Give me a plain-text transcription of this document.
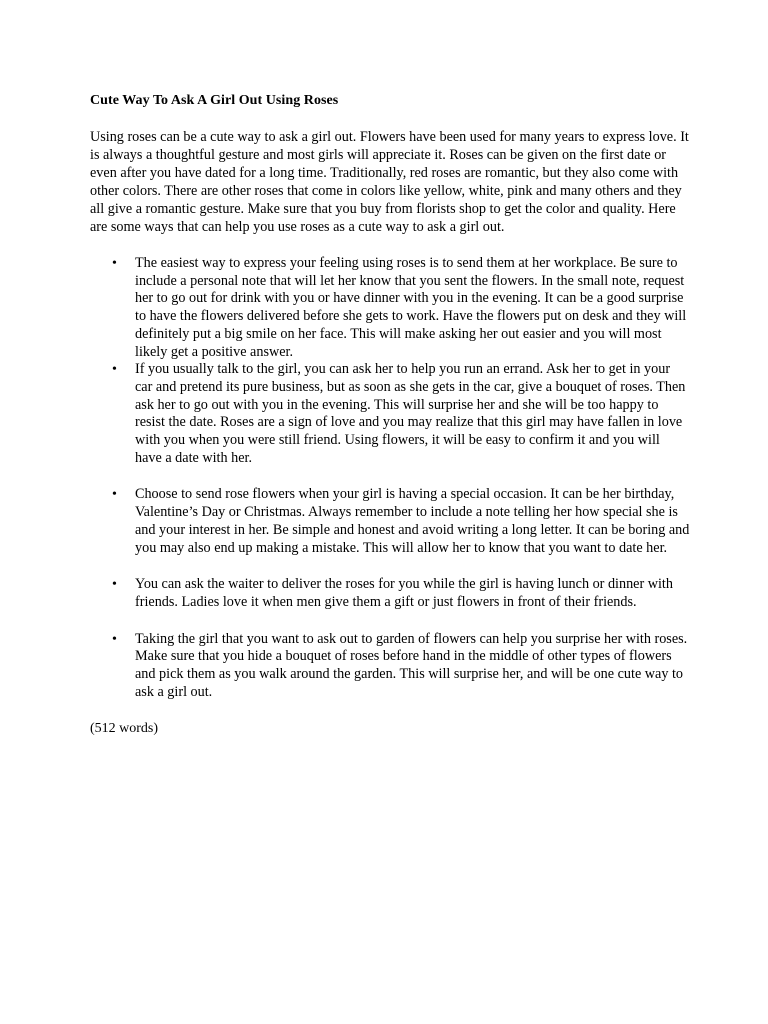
Cute Way To Ask A Girl Out Using Roses

Using roses can be a cute way to ask a girl out. Flowers have been used for many years to express love. It is always a thoughtful gesture and most girls will appreciate it. Roses can be given on the first date or even after you have dated for a long time. Traditionally, red roses are romantic, but they also come with other colors. There are other roses that come in colors like yellow, white, pink and many others and they all give a romantic gesture. Make sure that you buy from florists shop to get the color and quality. Here are some ways that can help you use roses as a cute way to ask a girl out.

• The easiest way to express your feeling using roses is to send them at her workplace. Be sure to include a personal note that will let her know that you sent the flowers. In the small note, request her to go out for drink with you or have dinner with you in the evening. It can be a good surprise to have the flowers delivered before she gets to work. Have the flowers put on desk and they will definitely put a big smile on her face. This will make asking her out easier and you will most likely get a positive answer.
• If you usually talk to the girl, you can ask her to help you run an errand. Ask her to get in your car and pretend its pure business, but as soon as she gets in the car, give a bouquet of roses. Then ask her to go out with you in the evening. This will surprise her and she will be too happy to resist the date. Roses are a sign of love and you may realize that this girl may have fallen in love with you when you were still friend. Using flowers, it will be easy to confirm it and you will have a date with her.
• Choose to send rose flowers when your girl is having a special occasion. It can be her birthday, Valentine’s Day or Christmas. Always remember to include a note telling her how special she is and your interest in her. Be simple and honest and avoid writing a long letter. It can be boring and you may also end up making a mistake. This will allow her to know that you want to date her.
• You can ask the waiter to deliver the roses for you while the girl is having lunch or dinner with friends. Ladies love it when men give them a gift or just flowers in front of their friends.
• Taking the girl that you want to ask out to garden of flowers can help you surprise her with roses. Make sure that you hide a bouquet of roses before hand in the middle of other types of flowers and pick them as you walk around the garden. This will surprise her, and will be one cute way to ask a girl out.

(512 words)
